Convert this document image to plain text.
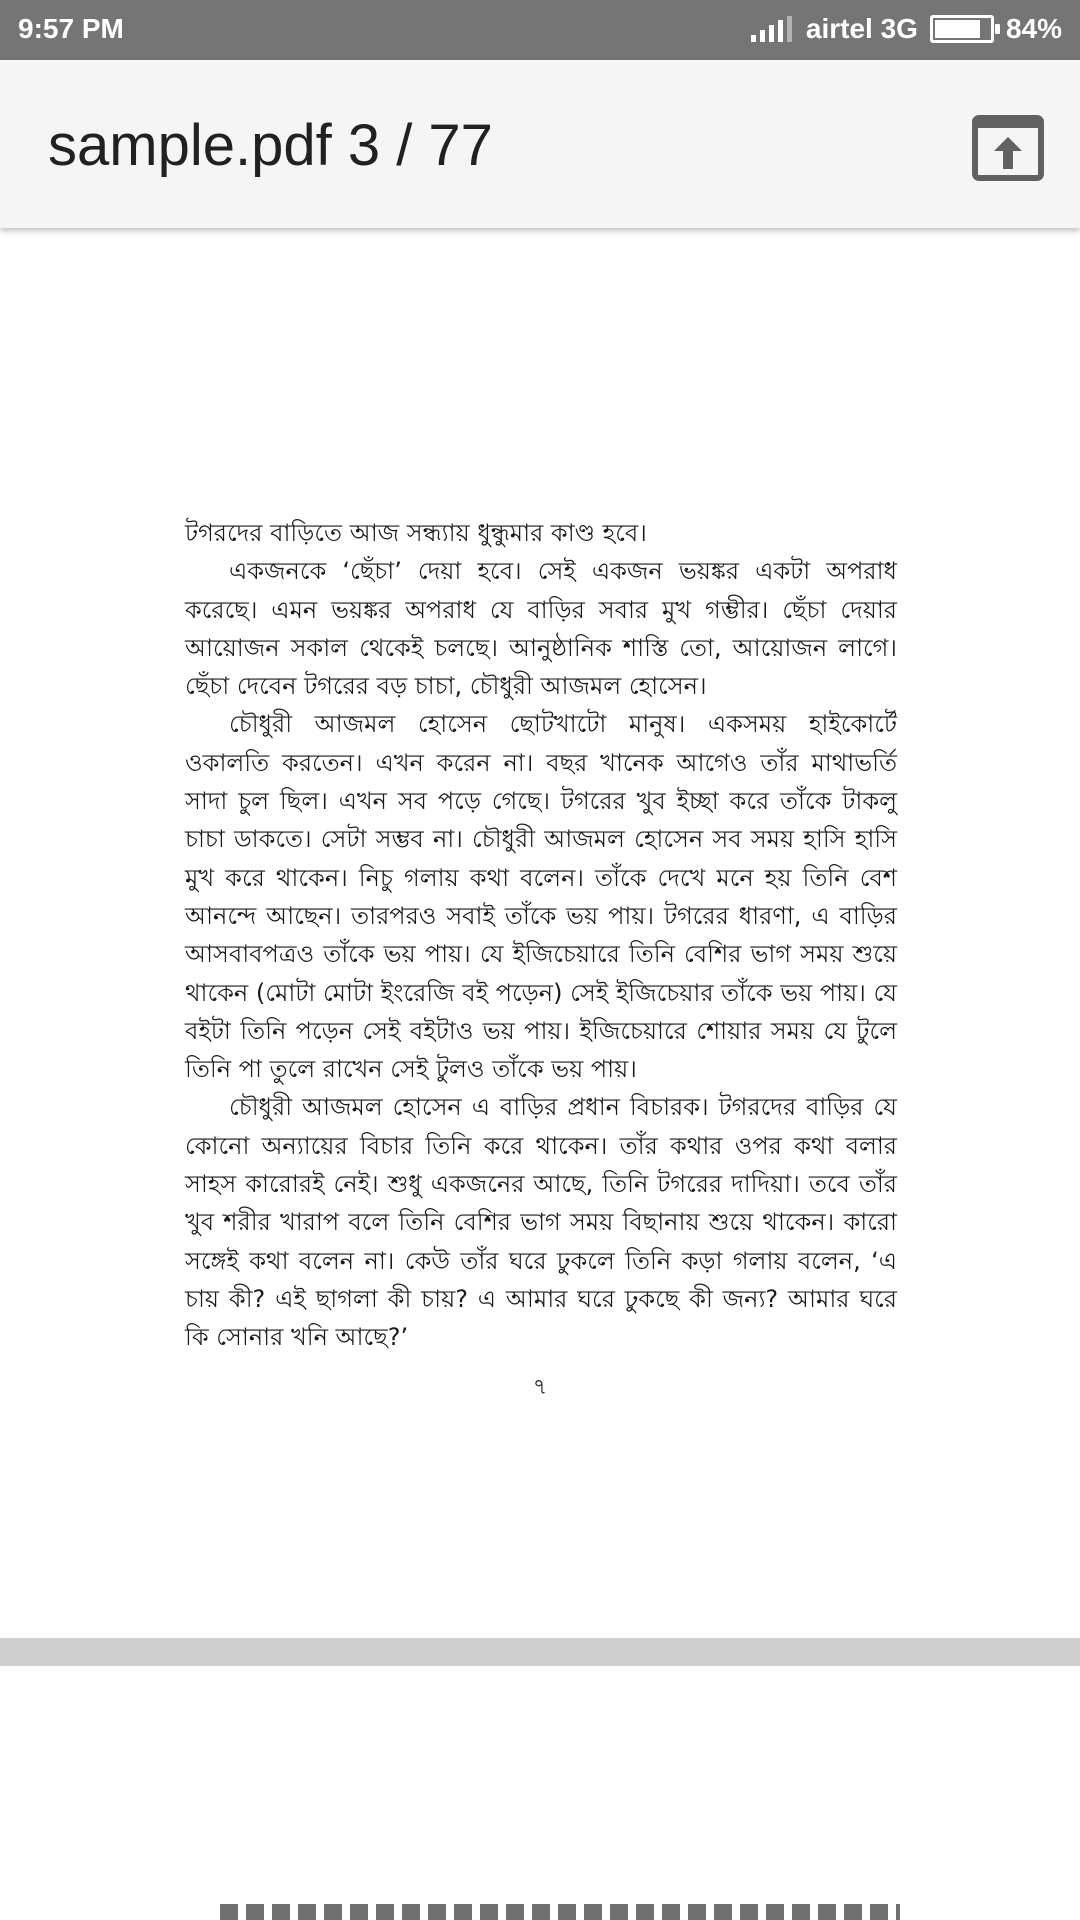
9:57 PM	airtel 3G	84%
sample.pdf 3 / 77

টগরদের বাড়িতে আজ সন্ধ্যায় ধুন্ধুমার কাণ্ড হবে।

একজনকে ‘ছেঁচা’ দেয়া হবে। সেই একজন ভয়ঙ্কর একটা অপরাধ করেছে। এমন ভয়ঙ্কর অপরাধ যে বাড়ির সবার মুখ গম্ভীর। ছেঁচা দেয়ার আয়োজন সকাল থেকেই চলছে। আনুষ্ঠানিক শাস্তি তো, আয়োজন লাগে। ছেঁচা দেবেন টগরের বড় চাচা, চৌধুরী আজমল হোসেন।

চৌধুরী আজমল হোসেন ছোটখাটো মানুষ। একসময় হাইকোর্টে ওকালতি করতেন। এখন করেন না। বছর খানেক আগেও তাঁর মাথাভর্তি সাদা চুল ছিল। এখন সব পড়ে গেছে। টগরের খুব ইচ্ছা করে তাঁকে টাকলু চাচা ডাকতে। সেটা সম্ভব না। চৌধুরী আজমল হোসেন সব সময় হাসি হাসি মুখ করে থাকেন। নিচু গলায় কথা বলেন। তাঁকে দেখে মনে হয় তিনি বেশ আনন্দে আছেন। তারপরও সবাই তাঁকে ভয় পায়। টগরের ধারণা, এ বাড়ির আসবাবপত্রও তাঁকে ভয় পায়। যে ইজিচেয়ারে তিনি বেশির ভাগ সময় শুয়ে থাকেন (মোটা মোটা ইংরেজি বই পড়েন) সেই ইজিচেয়ার তাঁকে ভয় পায়। যে বইটা তিনি পড়েন সেই বইটাও ভয় পায়। ইজিচেয়ারে শোয়ার সময় যে টুলে তিনি পা তুলে রাখেন সেই টুলও তাঁকে ভয় পায়।

চৌধুরী আজমল হোসেন এ বাড়ির প্রধান বিচারক। টগরদের বাড়ির যে কোনো অন্যায়ের বিচার তিনি করে থাকেন। তাঁর কথার ওপর কথা বলার সাহস কারোরই নেই। শুধু একজনের আছে, তিনি টগরের দাদিয়া। তবে তাঁর খুব শরীর খারাপ বলে তিনি বেশির ভাগ সময় বিছানায় শুয়ে থাকেন। কারো সঙ্গেই কথা বলেন না। কেউ তাঁর ঘরে ঢুকলে তিনি কড়া গলায় বলেন, ‘এ চায় কী? এই ছাগলা কী চায়? এ আমার ঘরে ঢুকছে কী জন্য? আমার ঘরে কি সোনার খনি আছে?’

৭
